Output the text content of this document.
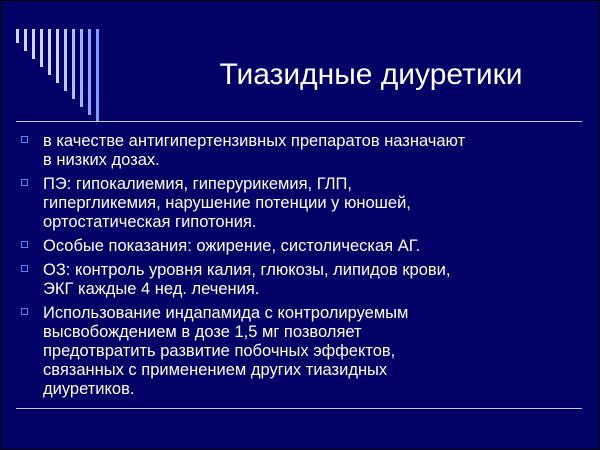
Тиазидные диуретики
в качестве антигипертензивных препаратов назначают
в низких дозах.
ПЭ: гипокалиемия, гиперурикемия, ГЛП,
гипергликемия, нарушение потенции у юношей,
ортостатическая гипотония.
Особые показания: ожирение, систолическая АГ.
ОЗ: контроль уровня калия, глюкозы, липидов крови,
ЭКГ каждые 4 нед. лечения.
Использование индапамида с контролируемым
высвобождением в дозе 1,5 мг позволяет
предотвратить развитие побочных эффектов,
связанных с применением других тиазидных
диуретиков.
